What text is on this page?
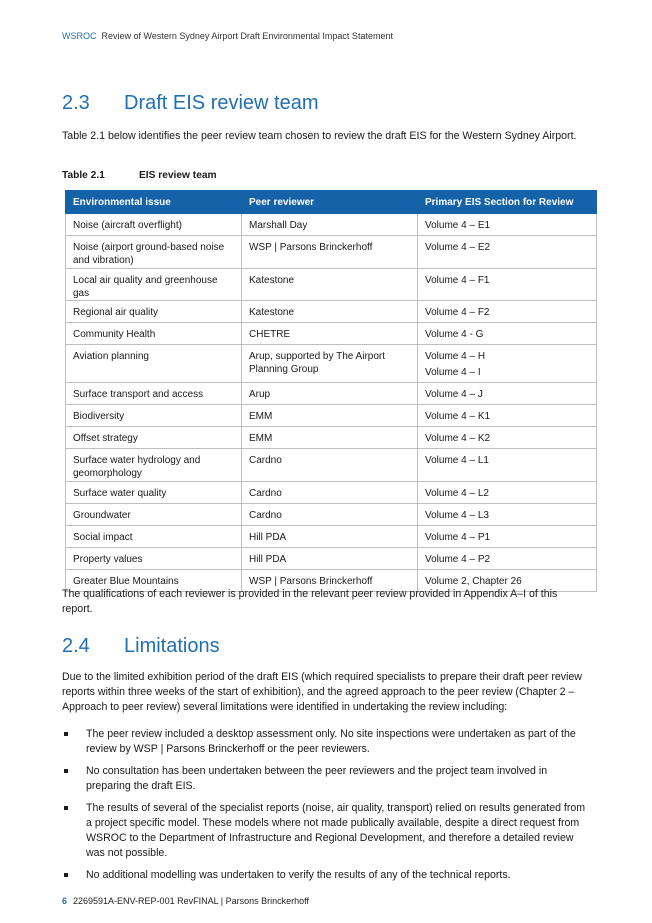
WSROC Review of Western Sydney Airport Draft Environmental Impact Statement
2.3 Draft EIS review team

Table 2.1 below identifies the peer review team chosen to review the draft EIS for the Western Sydney Airport.

Table 2.1	EIS review team
Environmental issue	Peer reviewer	Primary EIS Section for Review
Noise (aircraft overflight)	Marshall Day	Volume 4 – E1
Noise (airport ground-based noise and vibration)	WSP | Parsons Brinckerhoff	Volume 4 – E2
Local air quality and greenhouse gas	Katestone	Volume 4 – F1
Regional air quality	Katestone	Volume 4 – F2
Community Health	CHETRE	Volume 4 - G
Aviation planning	Arup, supported by The Airport Planning Group	Volume 4 – H
Volume 4 – I

Surface transport and access	Arup	Volume 4 – J
Biodiversity	EMM	Volume 4 – K1
Offset strategy	EMM	Volume 4 – K2
Surface water hydrology and geomorphology	Cardno	Volume 4 – L1
Surface water quality	Cardno	Volume 4 – L2
Groundwater	Cardno	Volume 4 – L3
Social impact	Hill PDA	Volume 4 – P1
Property values	Hill PDA	Volume 4 – P2
Greater Blue Mountains	WSP | Parsons Brinckerhoff	Volume 2, Chapter 26

The qualifications of each reviewer is provided in the relevant peer review provided in Appendix A–I of this report.

2.4 Limitations

Due to the limited exhibition period of the draft EIS (which required specialists to prepare their draft peer review reports within three weeks of the start of exhibition), and the agreed approach to the peer review (Chapter 2 – Approach to peer review) several limitations were identified in undertaking the review including:

The peer review included a desktop assessment only. No site inspections were undertaken as part of the review by WSP | Parsons Brinckerhoff or the peer reviewers.
No consultation has been undertaken between the peer reviewers and the project team involved in preparing the draft EIS.
The results of several of the specialist reports (noise, air quality, transport) relied on results generated from a project specific model. These models where not made publically available, despite a direct request from WSROC to the Department of Infrastructure and Regional Development, and therefore a detailed review was not possible.
No additional modelling was undertaken to verify the results of any of the technical reports.
6 2269591A-ENV-REP-001 RevFINAL | Parsons Brinckerhoff
